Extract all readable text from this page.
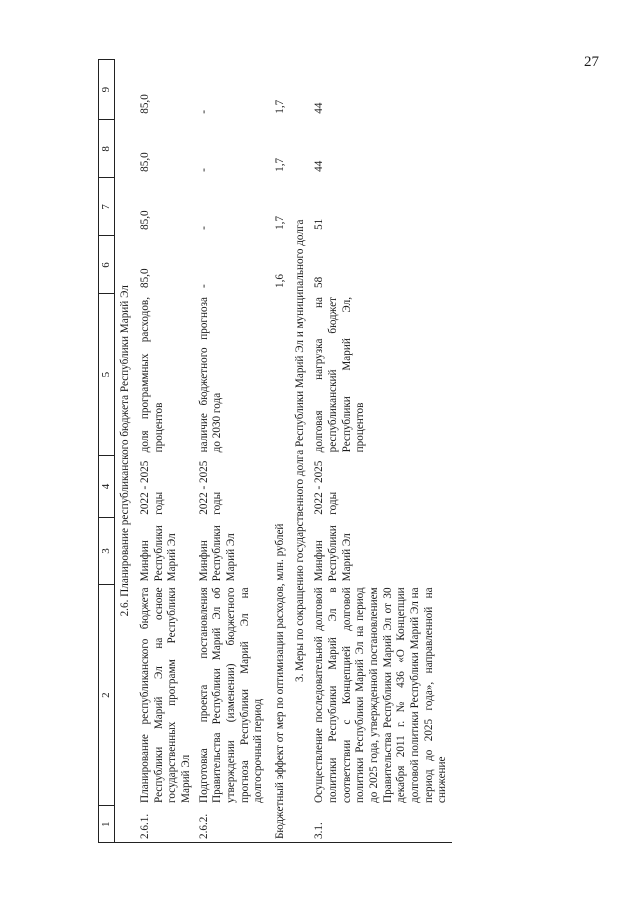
27
1	2	3	4	5	6	7	8	9
2.6. Планирование республиканского бюджета Республики Марий Эл								
2.6.1.	Планирование республиканского бюджета Республики Марий Эл на основе государственных программ Республики Марий Эл	Минфин Республики Марий Эл	2022 - 2025 годы	доля программных расходов, процентов	85,0	85,0	85,0	85,0
2.6.2.	Подготовка проекта постановления Правительства Республики Марий Эл об утверждении (изменении) бюджетного прогноза Республики Марий Эл на долгосрочный период	Минфин Республики Марий Эл	2022 - 2025 годы	наличие бюджетного прогноза до 2030 года	-	-	-	-
Бюджетный эффект от мер по оптимизации расходов, млн. рублей					1,6	1,7	1,7	1,7
3. Меры по сокращению государственного долга Республики Марий Эл и муниципального долга								
3.1.	Осуществление последовательной долговой политики Республики Марий Эл в соответствии с Концепцией долговой политики Республики Марий Эл на период до 2025 года, утвержденной постановлением Правительства Республики Марий Эл от 30 декабря 2011 г. № 436 «О Концепции долговой политики Республики Марий Эл на период до 2025 года», направленной на снижение	Минфин Республики Марий Эл	2022 - 2025 годы	долговая нагрузка на республиканский бюджет Республики Марий Эл, процентов	58	51	44	44
